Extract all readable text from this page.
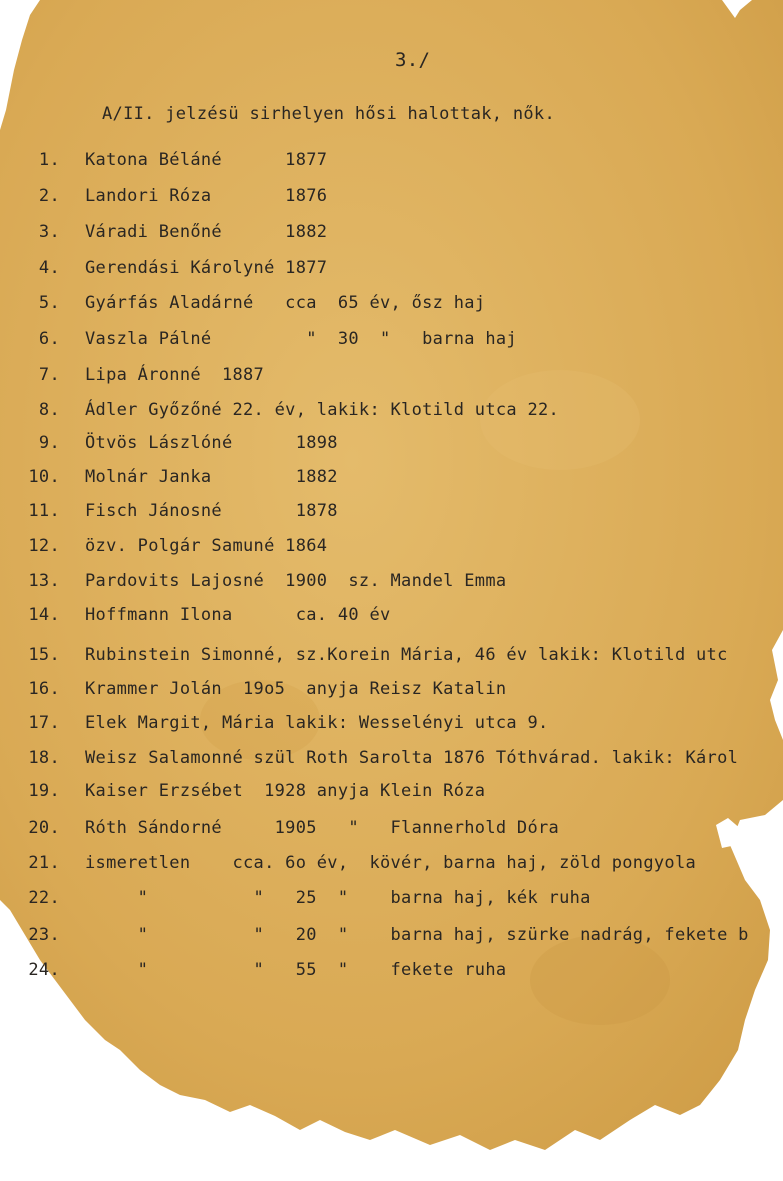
3./
A/II. jelzésü sirhelyen hősi halottak, nők.
1. Katona Béláné      1877
2. Landori Róza       1876
3. Váradi Benőné      1882
4. Gerendási Károlyné 1877
5. Gyárfás Aladárné   cca  65 év, ősz haj
6. Vaszla Pálné         "  30  "   barna haj
7. Lipa Áronné  1887
8. Ádler Győzőné 22. év, lakik: Klotild utca 22.
9. Ötvös Lászlóné      1898
10. Molnár Janka        1882
11. Fisch Jánosné       1878
12. özv. Polgár Samuné 1864
13. Pardovits Lajosné  1900  sz. Mandel Emma
14. Hoffmann Ilona      ca. 40 év
15. Rubinstein Simonné, sz.Korein Mária, 46 év lakik: Klotild utc
16. Krammer Jolán  19o5  anyja Reisz Katalin
17. Elek Margit, Mária lakik: Wesselényi utca 9.
18. Weisz Salamonné szül Roth Sarolta 1876 Tóthvárad. lakik: Károl
19. Kaiser Erzsébet  1928 anyja Klein Róza
20. Róth Sándorné     1905   "   Flannerhold Dóra
21. ismeretlen    cca. 6o év,  kövér, barna haj, zöld pongyola
22. "          "   25  "    barna haj, kék ruha
23. "          "   20  "    barna haj, szürke nadrág, fekete b
24. "          "   55  "    fekete ruha
